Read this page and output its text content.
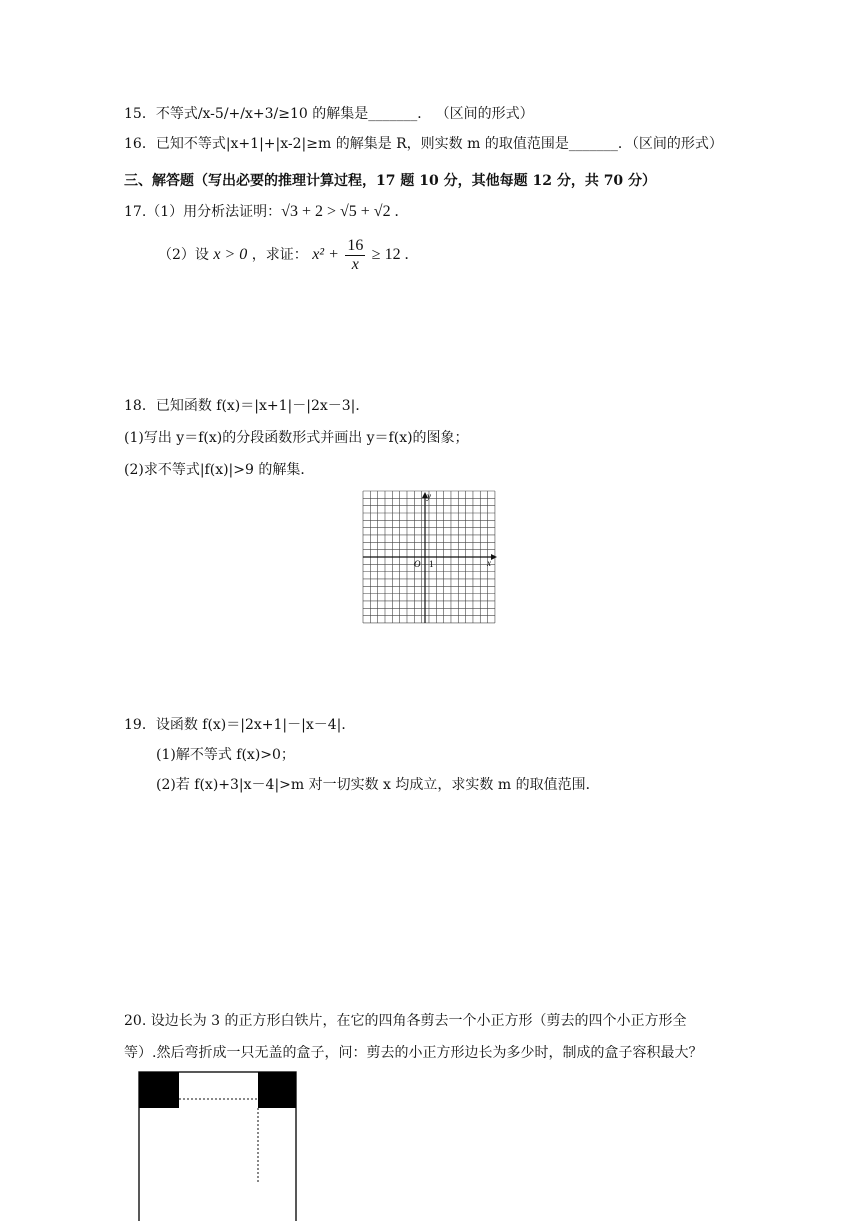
15．不等式/x-5/+/x+3/≥10 的解集是_______． （区间的形式）
16．已知不等式|x+1|+|x-2|≥m 的解集是 R，则实数 m 的取值范围是_______．（区间的形式）
三、解答题（写出必要的推理计算过程，17 题 10 分，其他每题 12 分，共 70 分）
17.（1）用分析法证明：√3 + 2 > √5 + √2 .
（2）设 x > 0 ，求证： $x^2 + \frac{16}{x} \ge 12$ .
18．已知函数 f(x)＝|x+1|－|2x－3|．
(1)写出 y＝f(x)的分段函数形式并画出 y＝f(x)的图象；
(2)求不等式|f(x)|>9 的解集．
O 1	x
y
19．设函数 f(x)＝|2x+1|－|x－4|．
(1)解不等式 f(x)>0；
(2)若 f(x)+3|x－4|>m 对一切实数 x 均成立，求实数 m 的取值范围．
20. 设边长为 3 的正方形白铁片，在它的四角各剪去一个小正方形（剪去的四个小正方形全
等）.然后弯折成一只无盖的盒子，问：剪去的小正方形边长为多少时，制成的盒子容积最大？
